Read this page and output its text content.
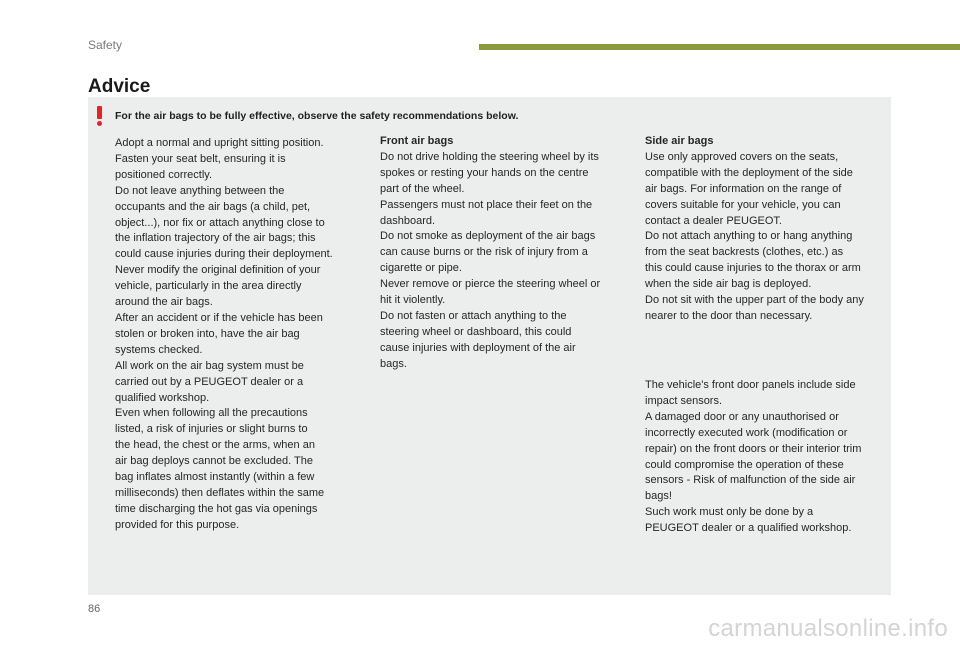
Safety
Advice
For the air bags to be fully effective, observe the safety recommendations below.

Adopt a normal and upright sitting position.

Fasten your seat belt, ensuring it is

positioned correctly.

Do not leave anything between the

occupants and the air bags (a child, pet,

object...), nor fix or attach anything close to

the inflation trajectory of the air bags; this

could cause injuries during their deployment.

Never modify the original definition of your

vehicle, particularly in the area directly

around the air bags.

After an accident or if the vehicle has been

stolen or broken into, have the air bag

systems checked.

All work on the air bag system must be

carried out by a PEUGEOT dealer or a

qualified workshop.

Even when following all the precautions

listed, a risk of injuries or slight burns to

the head, the chest or the arms, when an

air bag deploys cannot be excluded. The

bag inflates almost instantly (within a few

milliseconds) then deflates within the same

time discharging the hot gas via openings

provided for this purpose.

Front air bags

Do not drive holding the steering wheel by its

spokes or resting your hands on the centre

part of the wheel.

Passengers must not place their feet on the

dashboard.

Do not smoke as deployment of the air bags

can cause burns or the risk of injury from a

cigarette or pipe.

Never remove or pierce the steering wheel or

hit it violently.

Do not fasten or attach anything to the

steering wheel or dashboard, this could

cause injuries with deployment of the air

bags.

Side air bags

Use only approved covers on the seats,

compatible with the deployment of the side

air bags. For information on the range of

covers suitable for your vehicle, you can

contact a dealer PEUGEOT.

Do not attach anything to or hang anything

from the seat backrests (clothes, etc.) as

this could cause injuries to the thorax or arm

when the side air bag is deployed.

Do not sit with the upper part of the body any

nearer to the door than necessary.

The vehicle's front door panels include side

impact sensors.

A damaged door or any unauthorised or

incorrectly executed work (modification or

repair) on the front doors or their interior trim

could compromise the operation of these

sensors - Risk of malfunction of the side air

bags!

Such work must only be done by a

PEUGEOT dealer or a qualified workshop.

86
carmanualsonline.info
